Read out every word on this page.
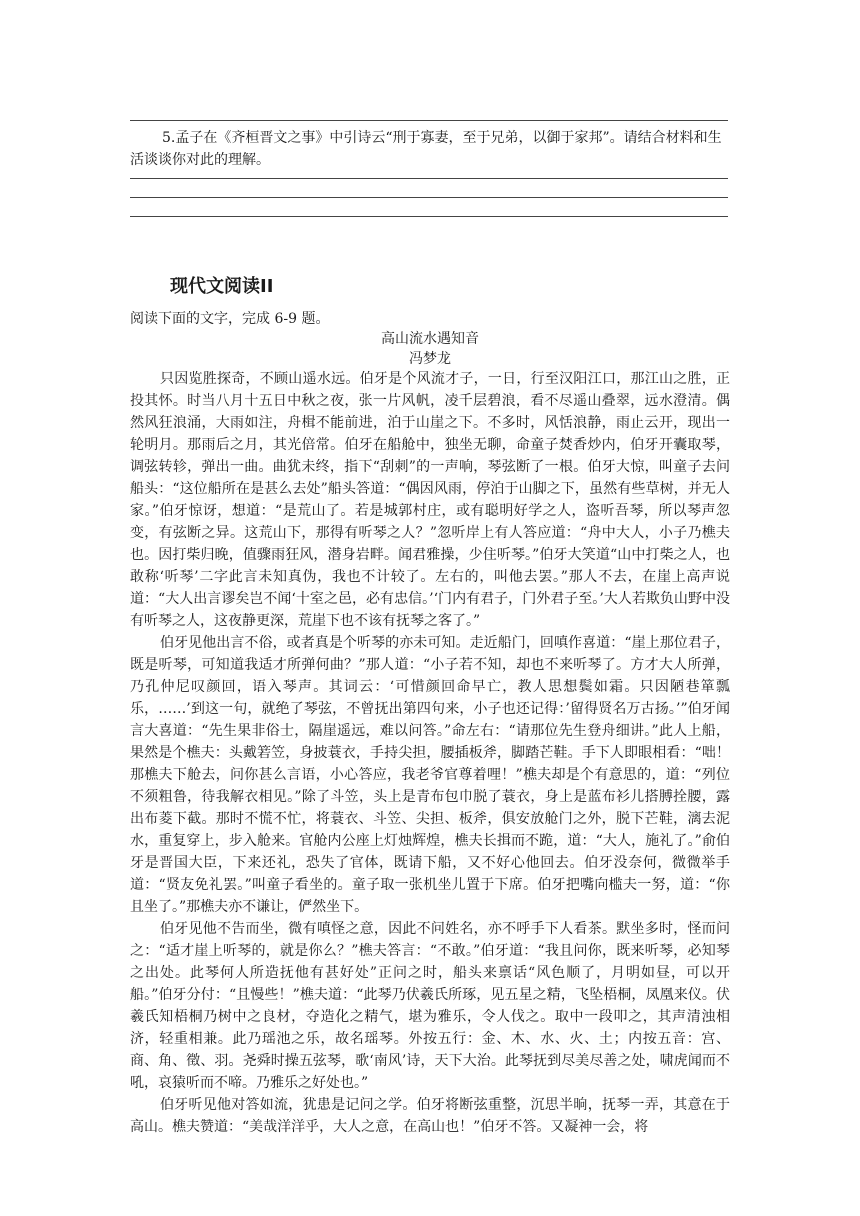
5.孟子在《齐桓晋文之事》中引诗云“刑于寡妻，至于兄弟，以御于家邦”。请结合材料和生活谈谈你对此的理解。

现代文阅读II

阅读下面的文字，完成 6-9 题。

高山流水遇知音

冯梦龙

只因览胜探奇，不顾山遥水远。伯牙是个风流才子，一日，行至汉阳江口，那江山之胜，正投其怀。时当八月十五日中秋之夜，张一片风帆，凌千层碧浪，看不尽遥山叠翠，远水澄清。偶然风狂浪涌，大雨如注，舟楫不能前进，泊于山崖之下。不多时，风恬浪静，雨止云开，现出一轮明月。那雨后之月，其光倍常。伯牙在船舱中，独坐无聊，命童子焚香炒内，伯牙开囊取琴，调弦转轸，弹出一曲。曲犹未终，指下“刮刺”的一声响，琴弦断了一根。伯牙大惊，叫童子去问船头：“这位船所在是甚么去处”船头答道：“偶因风雨，停泊于山脚之下，虽然有些草树，并无人家。”伯牙惊讶，想道：“是荒山了。若是城郭村庄，或有聪明好学之人，盗听吾琴，所以琴声忽变，有弦断之异。这荒山下，那得有听琴之人？”忽听岸上有人答应道：“舟中大人，小子乃樵夫也。因打柴归晚，值骤雨狂风，潜身岩畔。闻君雅操，少住听琴。”伯牙大笑道“山中打柴之人，也敢称‘听琴’二字此言未知真伪，我也不计较了。左右的，叫他去罢。”那人不去，在崖上高声说道：“大人出言谬矣岂不闻‘十室之邑，必有忠信。’‘门内有君子，门外君子至。’大人若欺负山野中没有听琴之人，这夜静更深，荒崖下也不该有抚琴之客了。”

伯牙见他出言不俗，或者真是个听琴的亦未可知。走近船门，回嗔作喜道：“崖上那位君子，既是听琴，可知道我适才所弹何曲？”那人道：“小子若不知，却也不来听琴了。方才大人所弹，乃孔仲尼叹颜回，语入琴声。其词云：‘可惜颜回命早亡，教人思想鬓如霜。只因陋巷箪瓢乐，……’到这一句，就绝了琴弦，不曾抚出第四句来，小子也还记得：’留得贤名万古扬。’”伯牙闻言大喜道：“先生果非俗士，隔崖遥远，难以问答。”命左右：“请那位先生登舟细讲。”此人上船，果然是个樵夫：头戴箬笠，身披蓑衣，手持尖担，腰插板斧，脚踏芒鞋。手下人即眼相看：“咄！那樵夫下舱去，问你甚么言语，小心答应，我老爷官尊着哩！”樵夫却是个有意思的，道：“列位不须粗鲁，待我解衣相见。”除了斗笠，头上是青布包巾脱了蓑衣，身上是蓝布衫儿搭膊拴腰，露出布菱下截。那时不慌不忙，将蓑衣、斗笠、尖担、板斧，俱安放舱门之外，脱下芒鞋，漓去泥水，重复穿上，步入舱来。官舱内公座上灯烛辉煌，樵夫长揖而不跪，道：“大人，施礼了。”俞伯牙是晋国大臣，下来还礼，恐失了官体，既请下船，又不好心他回去。伯牙没奈何，微微举手道：“贤友免礼罢。”叫童子看坐的。童子取一张机坐儿置于下席。伯牙把嘴向槛夫一努，道：“你且坐了。”那樵夫亦不谦让，俨然坐下。

伯牙见他不告而坐，微有嗔怪之意，因此不问姓名，亦不呼手下人看茶。默坐多时，怪而问之：“适才崖上听琴的，就是你么？”樵夫答言：“不敢。”伯牙道：“我且问你，既来听琴，必知琴之出处。此琴何人所造抚他有甚好处”正问之时，船头来禀话“风色顺了，月明如昼，可以开船。”伯牙分付：“且慢些！”樵夫道：“此琴乃伏羲氏所琢，见五星之精，飞坠梧桐，凤凰来仪。伏羲氏知梧桐乃树中之良材，夺造化之精气，堪为雅乐，令人伐之。取中一段叩之，其声清浊相济，轻重相兼。此乃瑶池之乐，故名瑶琴。外按五行：金、木、水、火、土；内按五音：宫、商、角、徵、羽。尧舜时操五弦琴，歌‘南风’诗，天下大治。此琴抚到尽美尽善之处，啸虎闻而不吼，哀猿听而不啼。乃雅乐之好处也。”

伯牙听见他对答如流，犹患是记问之学。伯牙将断弦重整，沉思半晌，抚琴一弄，其意在于高山。樵夫赞道：“美哉洋洋乎，大人之意，在高山也！”伯牙不答。又凝神一会，将
